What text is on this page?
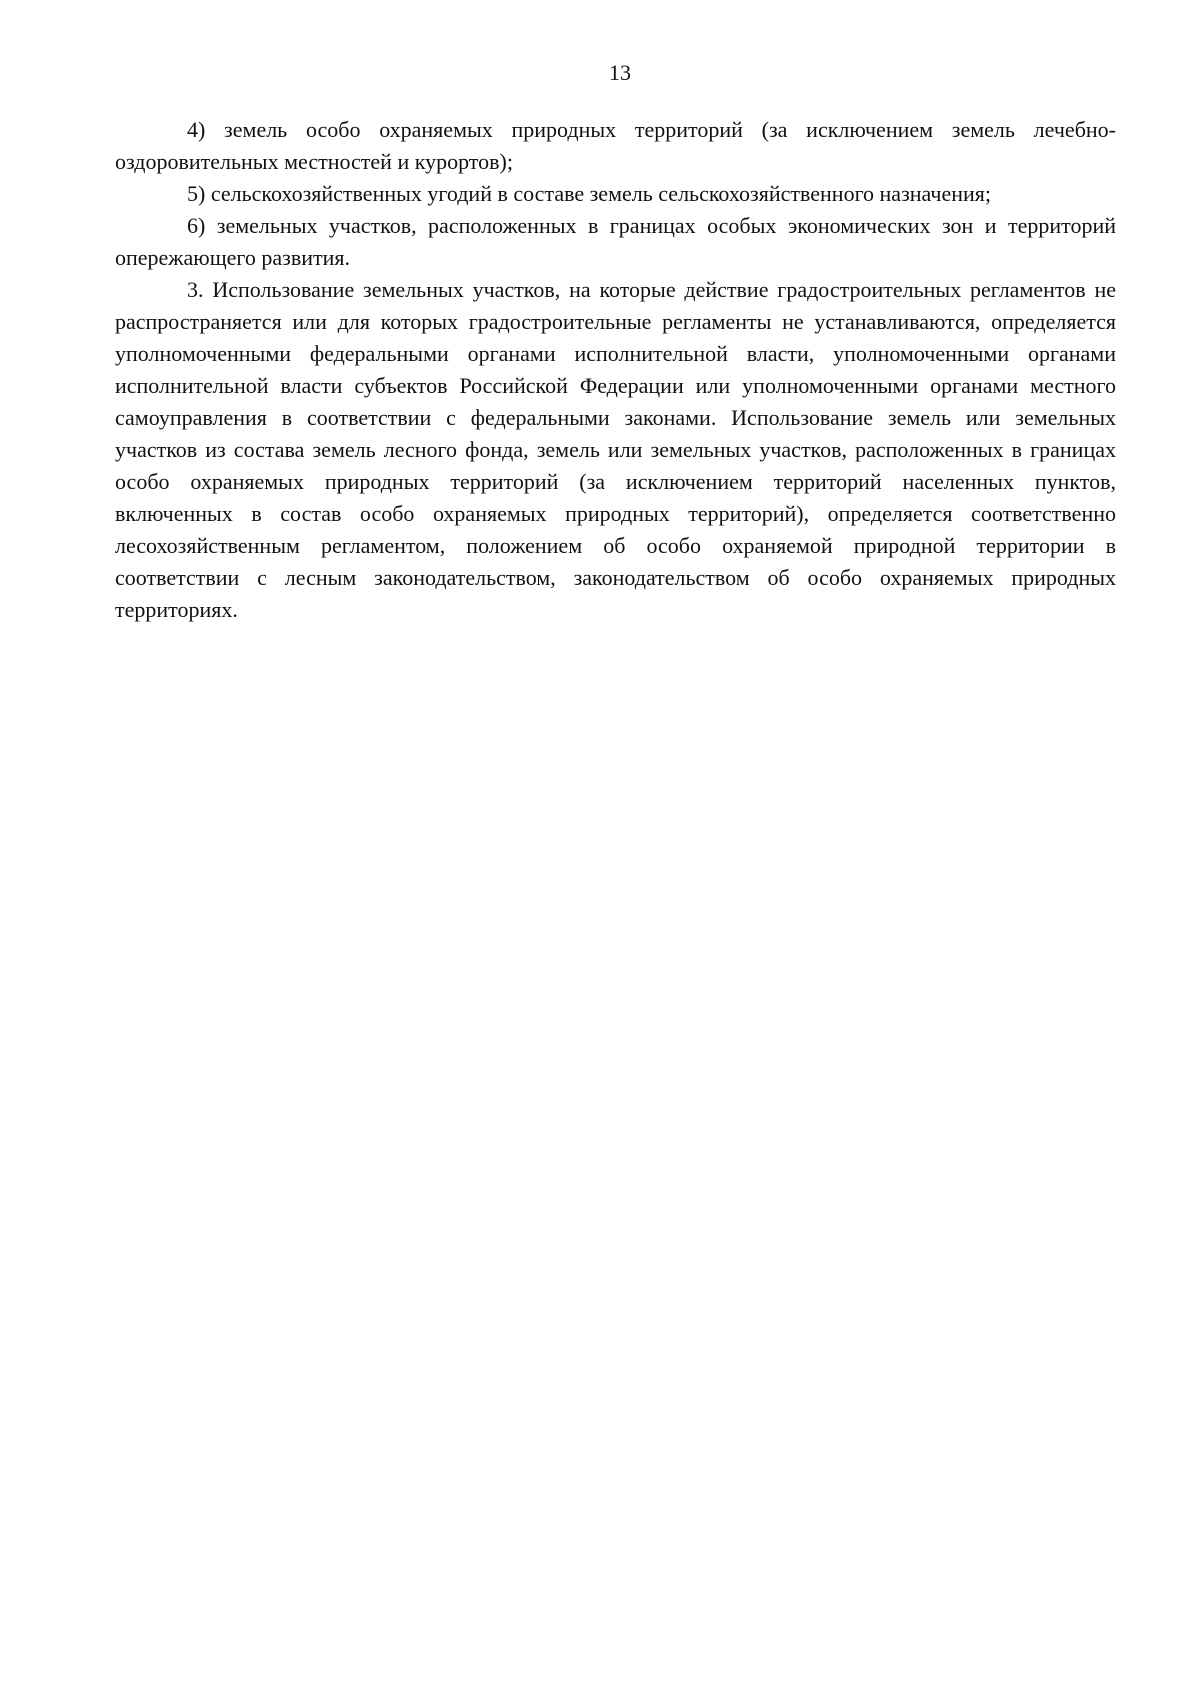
13

4) земель особо охраняемых природных территорий (за исключением земель лечебно-оздоровительных местностей и курортов);

5) сельскохозяйственных угодий в составе земель сельскохозяйственного назначения;

6) земельных участков, расположенных в границах особых экономических зон и территорий опережающего развития.

3. Использование земельных участков, на которые действие градостроительных регламентов не распространяется или для которых градостроительные регламенты не устанавливаются, определяется уполномоченными федеральными органами исполнительной власти, уполномоченными органами исполнительной власти субъектов Российской Федерации или уполномоченными органами местного самоуправления в соответствии с федеральными законами. Использование земель или земельных участков из состава земель лесного фонда, земель или земельных участков, расположенных в границах особо охраняемых природных территорий (за исключением территорий населенных пунктов, включенных в состав особо охраняемых природных территорий), определяется соответственно лесохозяйственным регламентом, положением об особо охраняемой природной территории в соответствии с лесным законодательством, законодательством об особо охраняемых природных территориях.
